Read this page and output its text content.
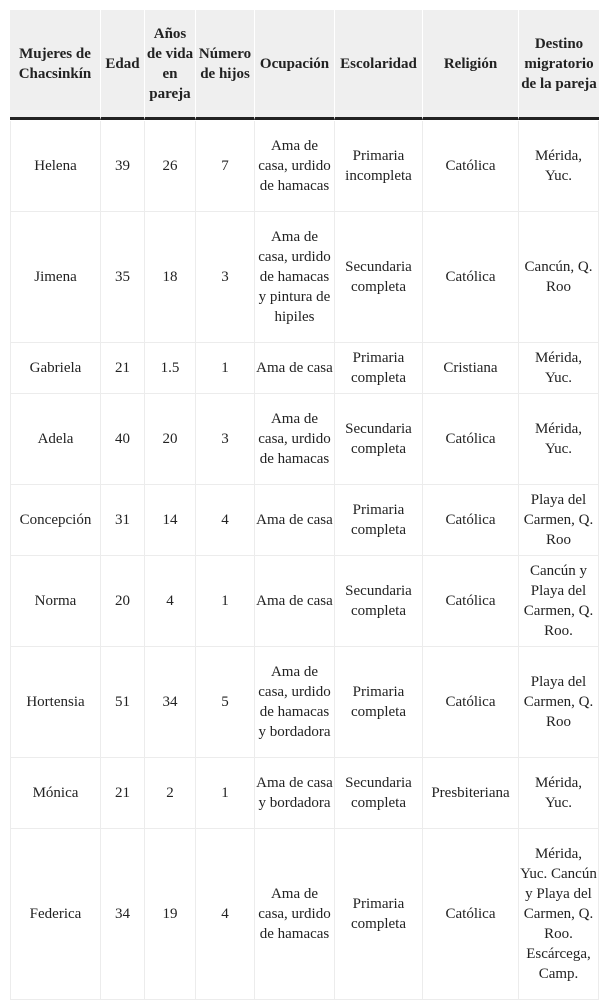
Mujeres de Chacsinkín	Edad	Años de vida en pareja	Número de hijos	Ocupación	Escolaridad	Religión	Destino migratorio de la pareja

Helena	39	26	7	Ama de casa, urdido de hamacas	Primaria incompleta	Católica	Mérida, Yuc.
Jimena	35	18	3	Ama de casa, urdido de hamacas y pintura de hipiles	Secundaria completa	Católica	Cancún, Q. Roo
Gabriela	21	1.5	1	Ama de casa	Primaria completa	Cristiana	Mérida, Yuc.
Adela	40	20	3	Ama de casa, urdido de hamacas	Secundaria completa	Católica	Mérida, Yuc.
Concepción	31	14	4	Ama de casa	Primaria completa	Católica	Playa del Carmen, Q. Roo
Norma	20	4	1	Ama de casa	Secundaria completa	Católica	Cancún y Playa del Carmen, Q. Roo.
Hortensia	51	34	5	Ama de casa, urdido de hamacas y bordadora	Primaria completa	Católica	Playa del Carmen, Q. Roo
Mónica	21	2	1	Ama de casa y bordadora	Secundaria completa	Presbiteriana	Mérida, Yuc.
Federica	34	19	4	Ama de casa, urdido de hamacas	Primaria completa	Católica	Mérida, Yuc. Cancún y Playa del Carmen, Q. Roo. Escárcega, Camp.
